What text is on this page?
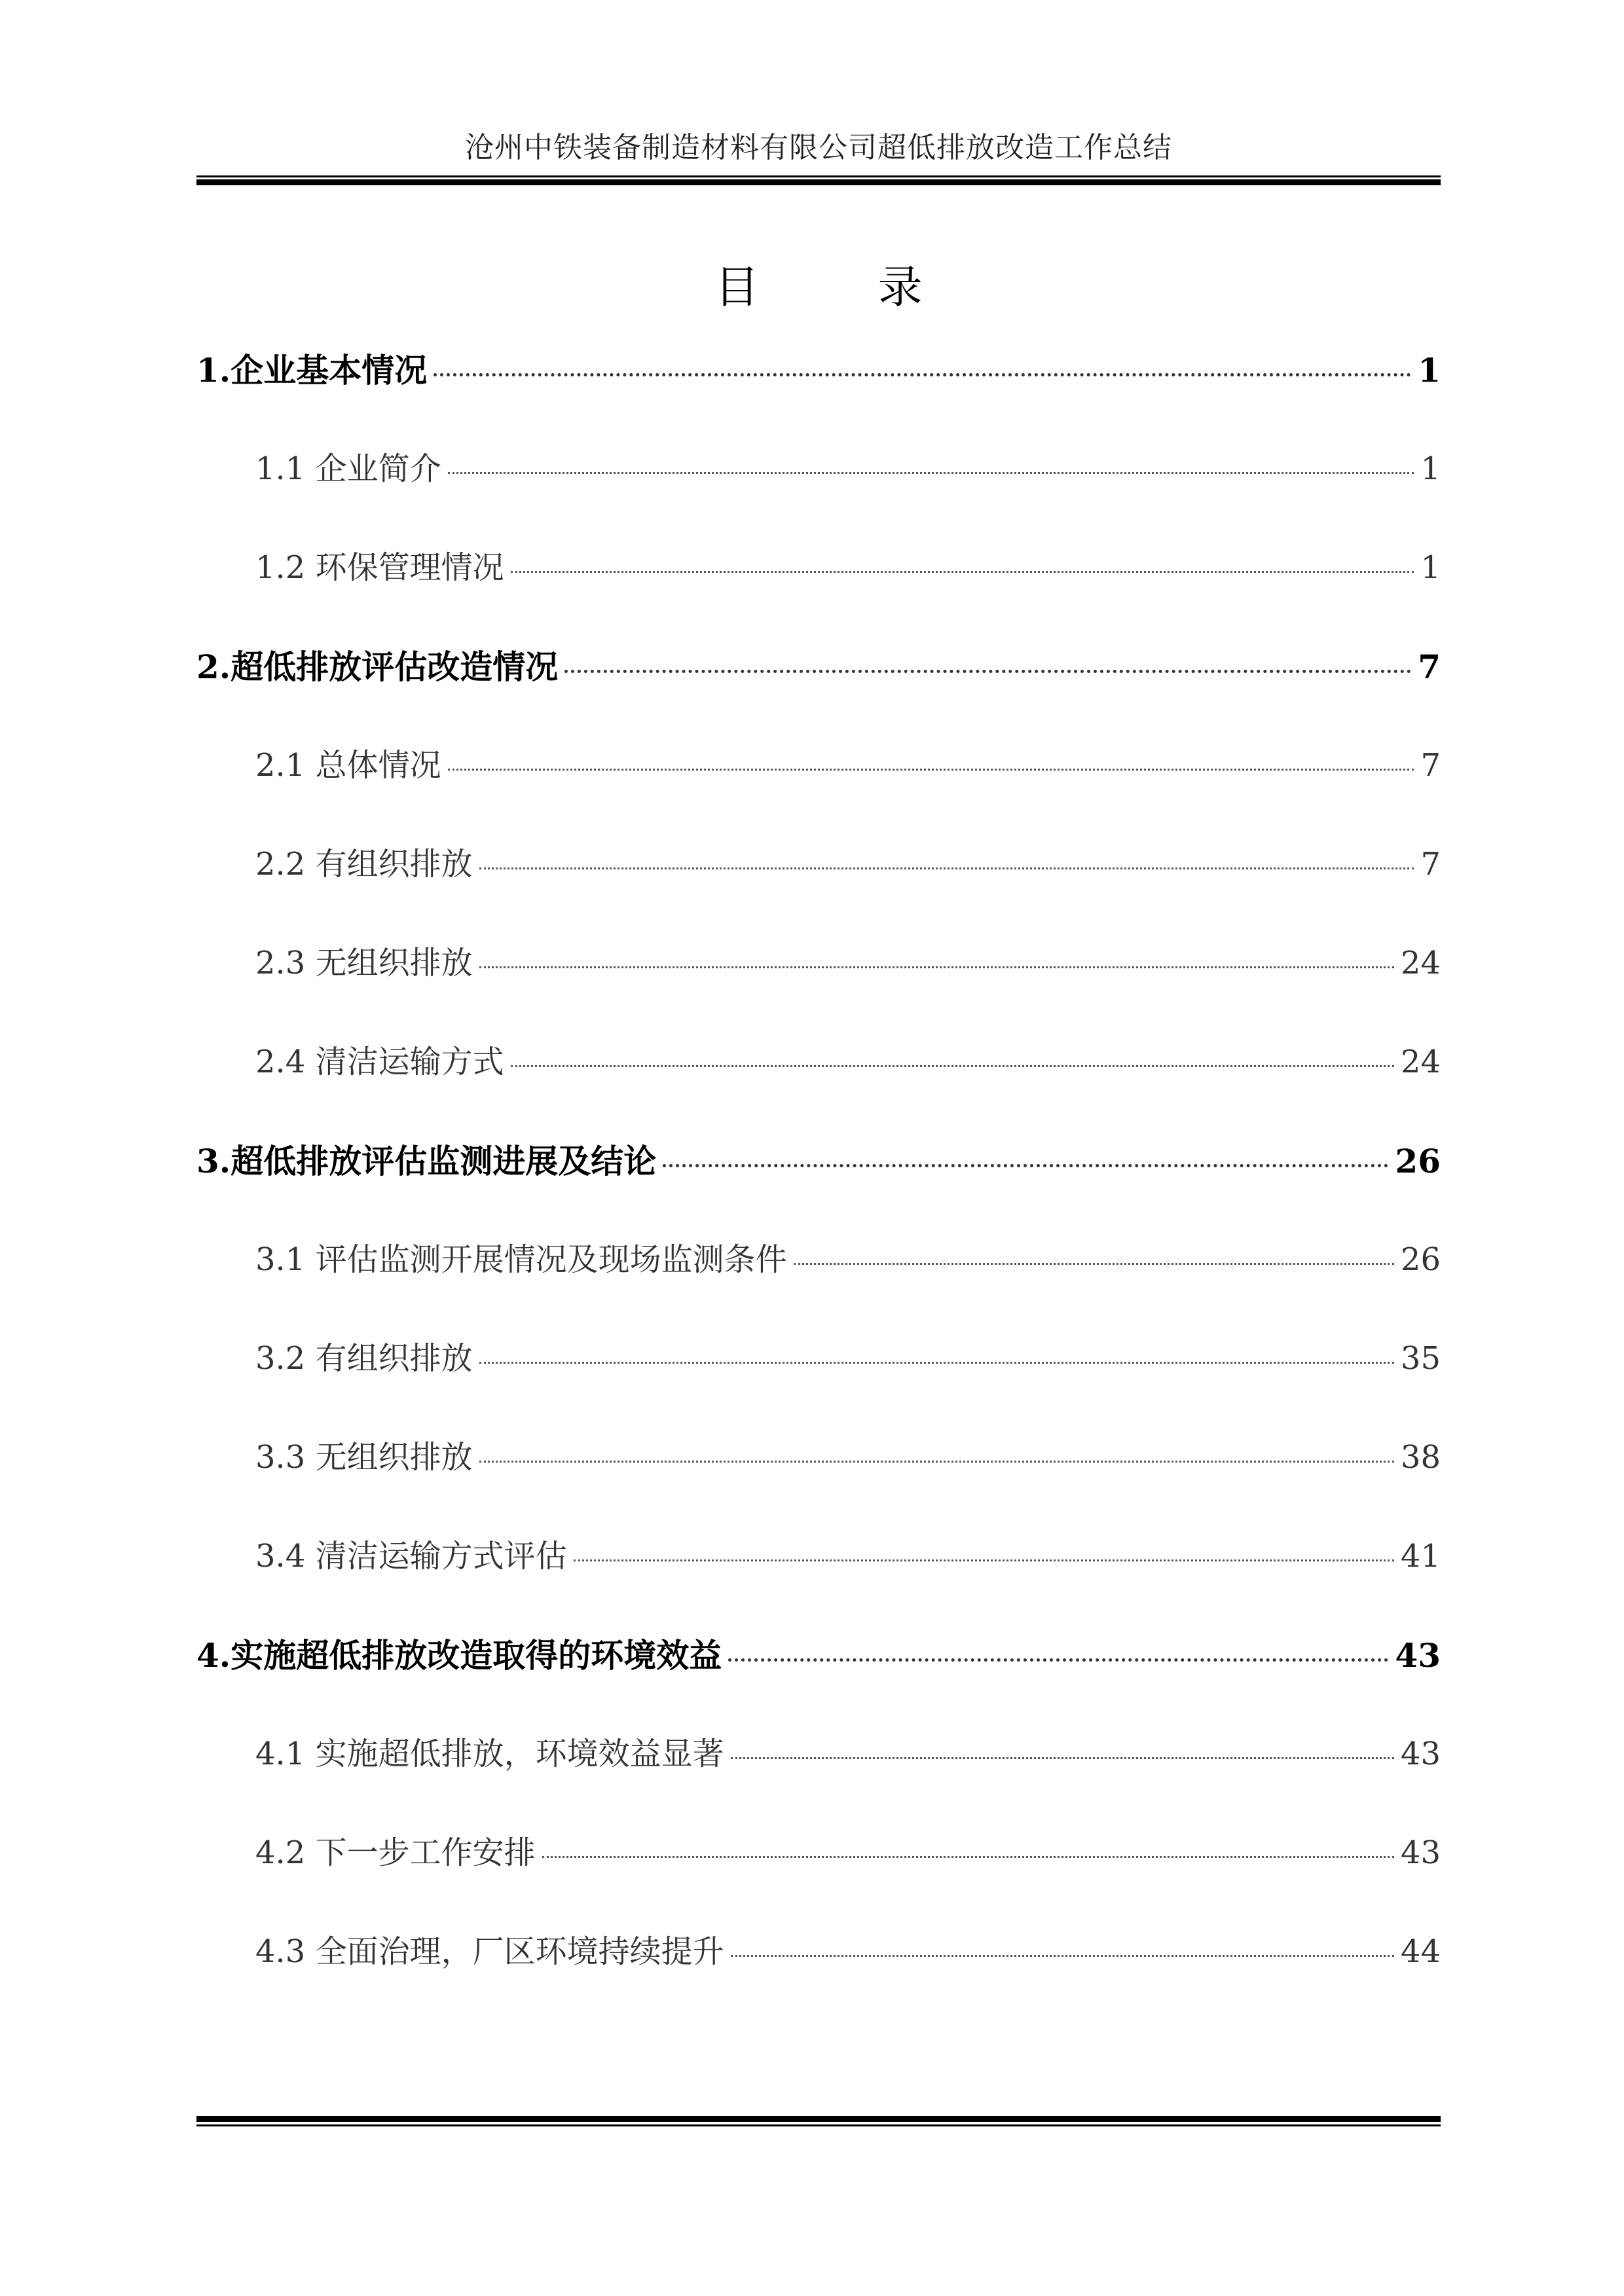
沧州中铁装备制造材料有限公司超低排放改造工作总结
目 录
1.企业基本情况	1
1.1 企业简介	1
1.2 环保管理情况	1
2.超低排放评估改造情况	7
2.1 总体情况	7
2.2 有组织排放	7
2.3 无组织排放	24
2.4 清洁运输方式	24
3.超低排放评估监测进展及结论	26
3.1 评估监测开展情况及现场监测条件	26
3.2 有组织排放	35
3.3 无组织排放	38
3.4 清洁运输方式评估	41
4.实施超低排放改造取得的环境效益	43
4.1 实施超低排放，环境效益显著	43
4.2 下一步工作安排	43
4.3 全面治理，厂区环境持续提升	44
